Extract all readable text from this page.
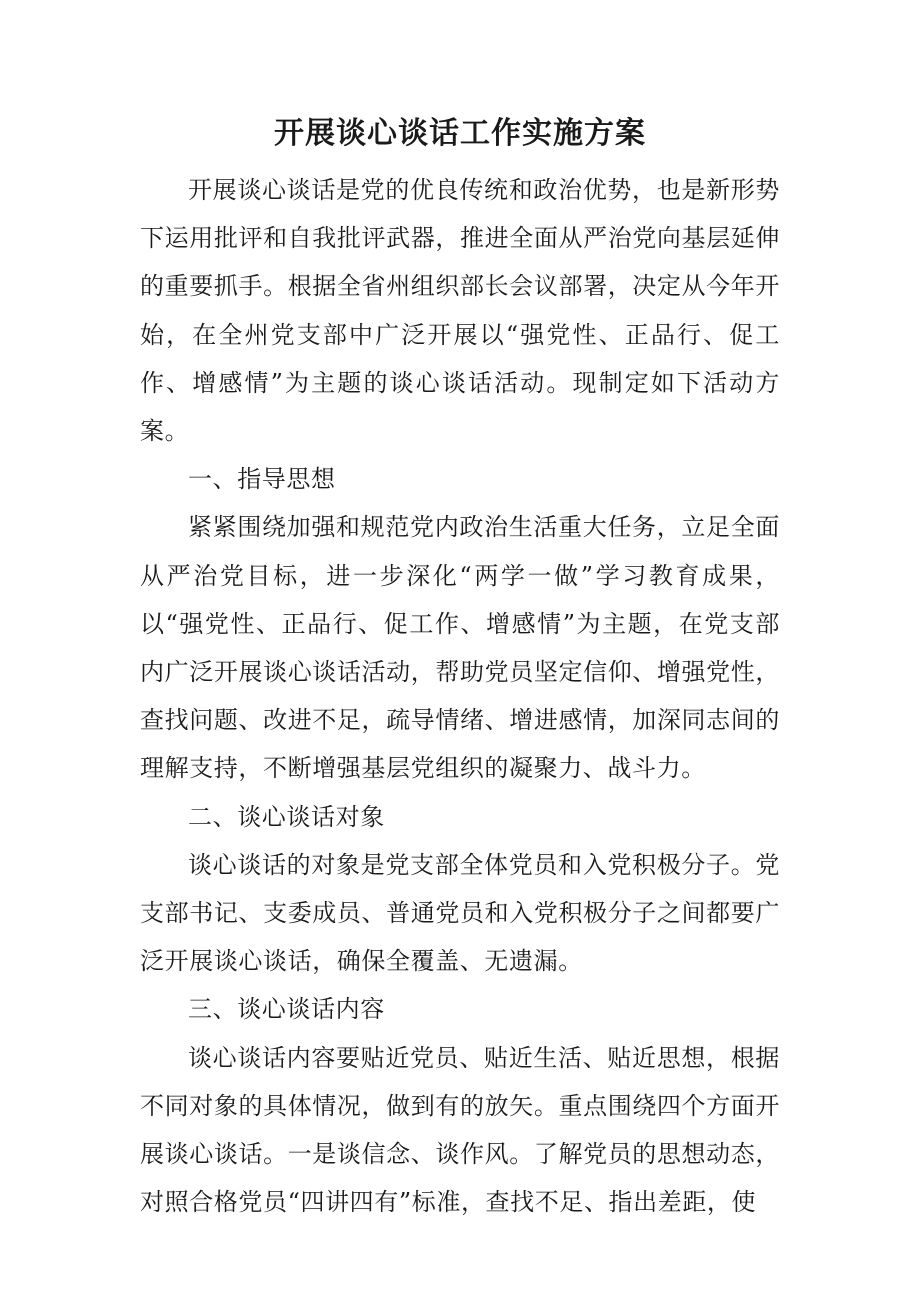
开展谈心谈话工作实施方案

开展谈心谈话是党的优良传统和政治优势，也是新形势下运用批评和自我批评武器，推进全面从严治党向基层延伸的重要抓手。根据全省州组织部长会议部署，决定从今年开始，在全州党支部中广泛开展以“强党性、正品行、促工作、增感情”为主题的谈心谈话活动。现制定如下活动方案。

一、指导思想

紧紧围绕加强和规范党内政治生活重大任务，立足全面从严治党目标，进一步深化“两学一做”学习教育成果，以“强党性、正品行、促工作、增感情”为主题，在党支部内广泛开展谈心谈话活动，帮助党员坚定信仰、增强党性，查找问题、改进不足，疏导情绪、增进感情，加深同志间的理解支持，不断增强基层党组织的凝聚力、战斗力。

二、谈心谈话对象

谈心谈话的对象是党支部全体党员和入党积极分子。党支部书记、支委成员、普通党员和入党积极分子之间都要广泛开展谈心谈话，确保全覆盖、无遗漏。

三、谈心谈话内容

谈心谈话内容要贴近党员、贴近生活、贴近思想，根据不同对象的具体情况，做到有的放矢。重点围绕四个方面开展谈心谈话。一是谈信念、谈作风。了解党员的思想动态，对照合格党员“四讲四有”标准，查找不足、指出差距，使
